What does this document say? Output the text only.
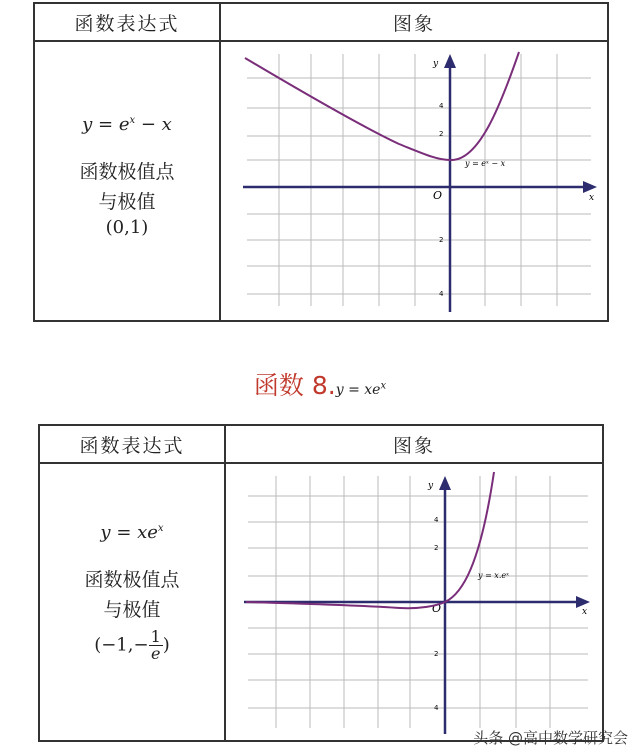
函数表达式	图象
$y = e^x - x$
函数极值点
与极值
(0,1)
x
y
O
4
2
2
4
y = eˣ − x
函数 $8.y = xe^x$
函数表达式	图象
$y = xe^x$
函数极值点
与极值
($-1,- \frac{1}{e}$ )
x
y
O
4
2
2
4
y = x.eˣ
头条 @高中数学研究会
